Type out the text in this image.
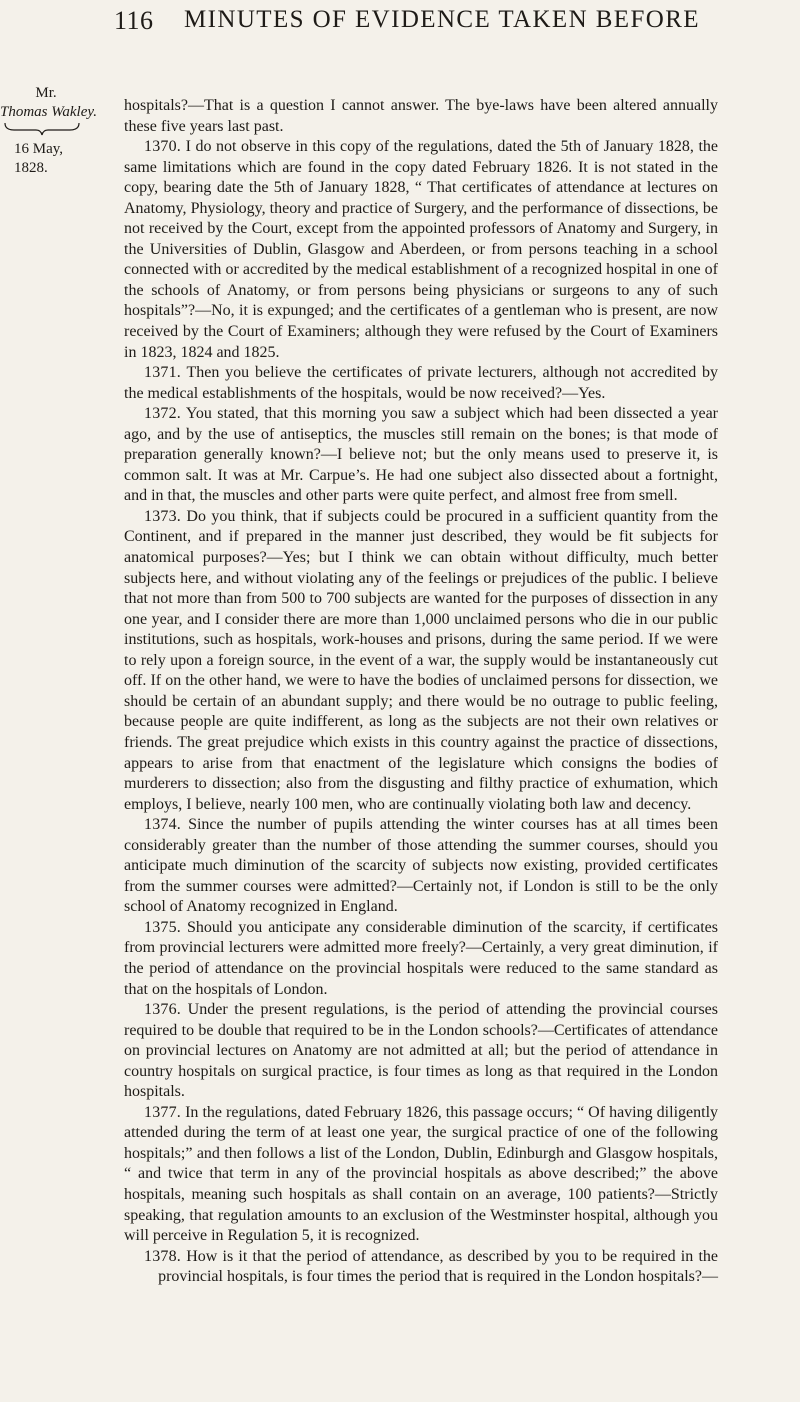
116	MINUTES OF EVIDENCE TAKEN BEFORE
Mr.
Thomas Wakley.
16 May,
1828.

hospitals?—That is a question I cannot answer. The bye-laws have been altered annually these five years last past.

1370. I do not observe in this copy of the regulations, dated the 5th of January 1828, the same limitations which are found in the copy dated February 1826. It is not stated in the copy, bearing date the 5th of January 1828, “ That certificates of attendance at lectures on Anatomy, Physiology, theory and practice of Surgery, and the performance of dissections, be not received by the Court, except from the appointed professors of Anatomy and Surgery, in the Universities of Dublin, Glasgow and Aberdeen, or from persons teaching in a school connected with or accredited by the medical establishment of a recognized hospital in one of the schools of Anatomy, or from persons being physicians or surgeons to any of such hospitals”?—No, it is expunged; and the certificates of a gentleman who is present, are now received by the Court of Examiners; although they were refused by the Court of Examiners in 1823, 1824 and 1825.

1371. Then you believe the certificates of private lecturers, although not accredited by the medical establishments of the hospitals, would be now received?—Yes.

1372. You stated, that this morning you saw a subject which had been dissected a year ago, and by the use of antiseptics, the muscles still remain on the bones; is that mode of preparation generally known?—I believe not; but the only means used to preserve it, is common salt. It was at Mr. Carpue’s. He had one subject also dissected about a fortnight, and in that, the muscles and other parts were quite perfect, and almost free from smell.

1373. Do you think, that if subjects could be procured in a sufficient quantity from the Continent, and if prepared in the manner just described, they would be fit subjects for anatomical purposes?—Yes; but I think we can obtain without difficulty, much better subjects here, and without violating any of the feelings or prejudices of the public. I believe that not more than from 500 to 700 subjects are wanted for the purposes of dissection in any one year, and I consider there are more than 1,000 unclaimed persons who die in our public institutions, such as hospitals, work-houses and prisons, during the same period. If we were to rely upon a foreign source, in the event of a war, the supply would be instantaneously cut off. If on the other hand, we were to have the bodies of unclaimed persons for dissection, we should be certain of an abundant supply; and there would be no outrage to public feeling, because people are quite indifferent, as long as the subjects are not their own relatives or friends. The great prejudice which exists in this country against the practice of dissections, appears to arise from that enactment of the legislature which consigns the bodies of murderers to dissection; also from the disgusting and filthy practice of exhumation, which employs, I believe, nearly 100 men, who are continually violating both law and decency.

1374. Since the number of pupils attending the winter courses has at all times been considerably greater than the number of those attending the summer courses, should you anticipate much diminution of the scarcity of subjects now existing, provided certificates from the summer courses were admitted?—Certainly not, if London is still to be the only school of Anatomy recognized in England.

1375. Should you anticipate any considerable diminution of the scarcity, if certificates from provincial lecturers were admitted more freely?—Certainly, a very great diminution, if the period of attendance on the provincial hospitals were reduced to the same standard as that on the hospitals of London.

1376. Under the present regulations, is the period of attending the provincial courses required to be double that required to be in the London schools?—Certificates of attendance on provincial lectures on Anatomy are not admitted at all; but the period of attendance in country hospitals on surgical practice, is four times as long as that required in the London hospitals.

1377. In the regulations, dated February 1826, this passage occurs; “ Of having diligently attended during the term of at least one year, the surgical practice of one of the following hospitals;” and then follows a list of the London, Dublin, Edinburgh and Glasgow hospitals, “ and twice that term in any of the provincial hospitals as above described;” the above hospitals, meaning such hospitals as shall contain on an average, 100 patients?—Strictly speaking, that regulation amounts to an exclusion of the Westminster hospital, although you will perceive in Regulation 5, it is recognized.

1378. How is it that the period of attendance, as described by you to be required in the provincial hospitals, is four times the period that is required in the London hospitals?—
